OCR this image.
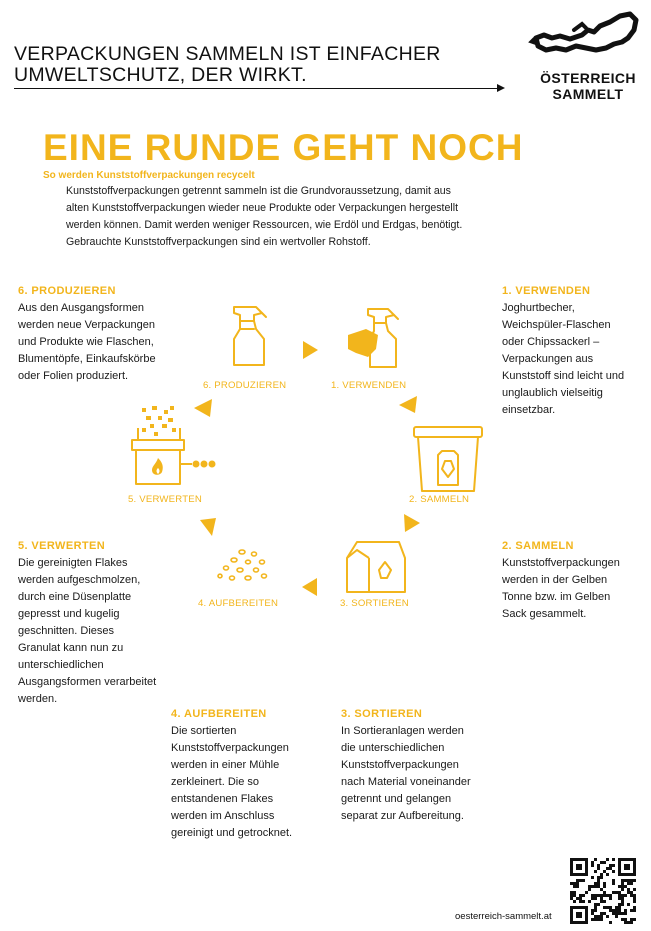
VERPACKUNGEN SAMMELN IST EINFACHER UMWELTSCHUTZ, DER WIRKT.	ÖSTERREICH SAMMELT
EINE RUNDE GEHT NOCH
So werden Kunststoffverpackungen recycelt
Kunststoffverpackungen getrennt sammeln ist die Grundvoraussetzung, damit aus alten Kunststoffverpackungen wieder neue Produkte oder Verpackungen hergestellt werden können. Damit werden weniger Ressourcen, wie Erdöl und Erdgas, benötigt. Gebrauchte Kunststoffverpackungen sind ein wertvoller Rohstoff.
6. PRODUZIEREN
Aus den Ausgangsformen werden neue Verpackungen und Produkte wie Flaschen, Blumentöpfe, Einkaufskörbe oder Folien produziert.
1. VERWENDEN
Joghurtbecher, Weichspüler-Flaschen oder Chipssackerl – Verpackungen aus Kunststoff sind leicht und unglaublich vielseitig einsetzbar.
5. VERWERTEN
Die gereinigten Flakes werden aufgeschmolzen, durch eine Düsenplatte gepresst und kugelig geschnitten. Dieses Granulat kann nun zu unterschiedlichen Ausgangsformen verarbeitet werden.
2. SAMMELN
Kunststoffverpackungen werden in der Gelben Tonne bzw. im Gelben Sack gesammelt.
4. AUFBEREITEN
Die sortierten Kunststoffverpackungen werden in einer Mühle zerkleinert. Die so entstandenen Flakes werden im Anschluss gereinigt und getrocknet.
3. SORTIEREN
In Sortieranlagen werden die unterschiedlichen Kunststoffverpackungen nach Material voneinander getrennt und gelangen separat zur Aufbereitung.
6. PRODUZIEREN	1. VERWENDEN
2. SAMMELN
3. SORTIEREN
4. AUFBEREITEN
5. VERWERTEN
oesterreich-sammelt.at
